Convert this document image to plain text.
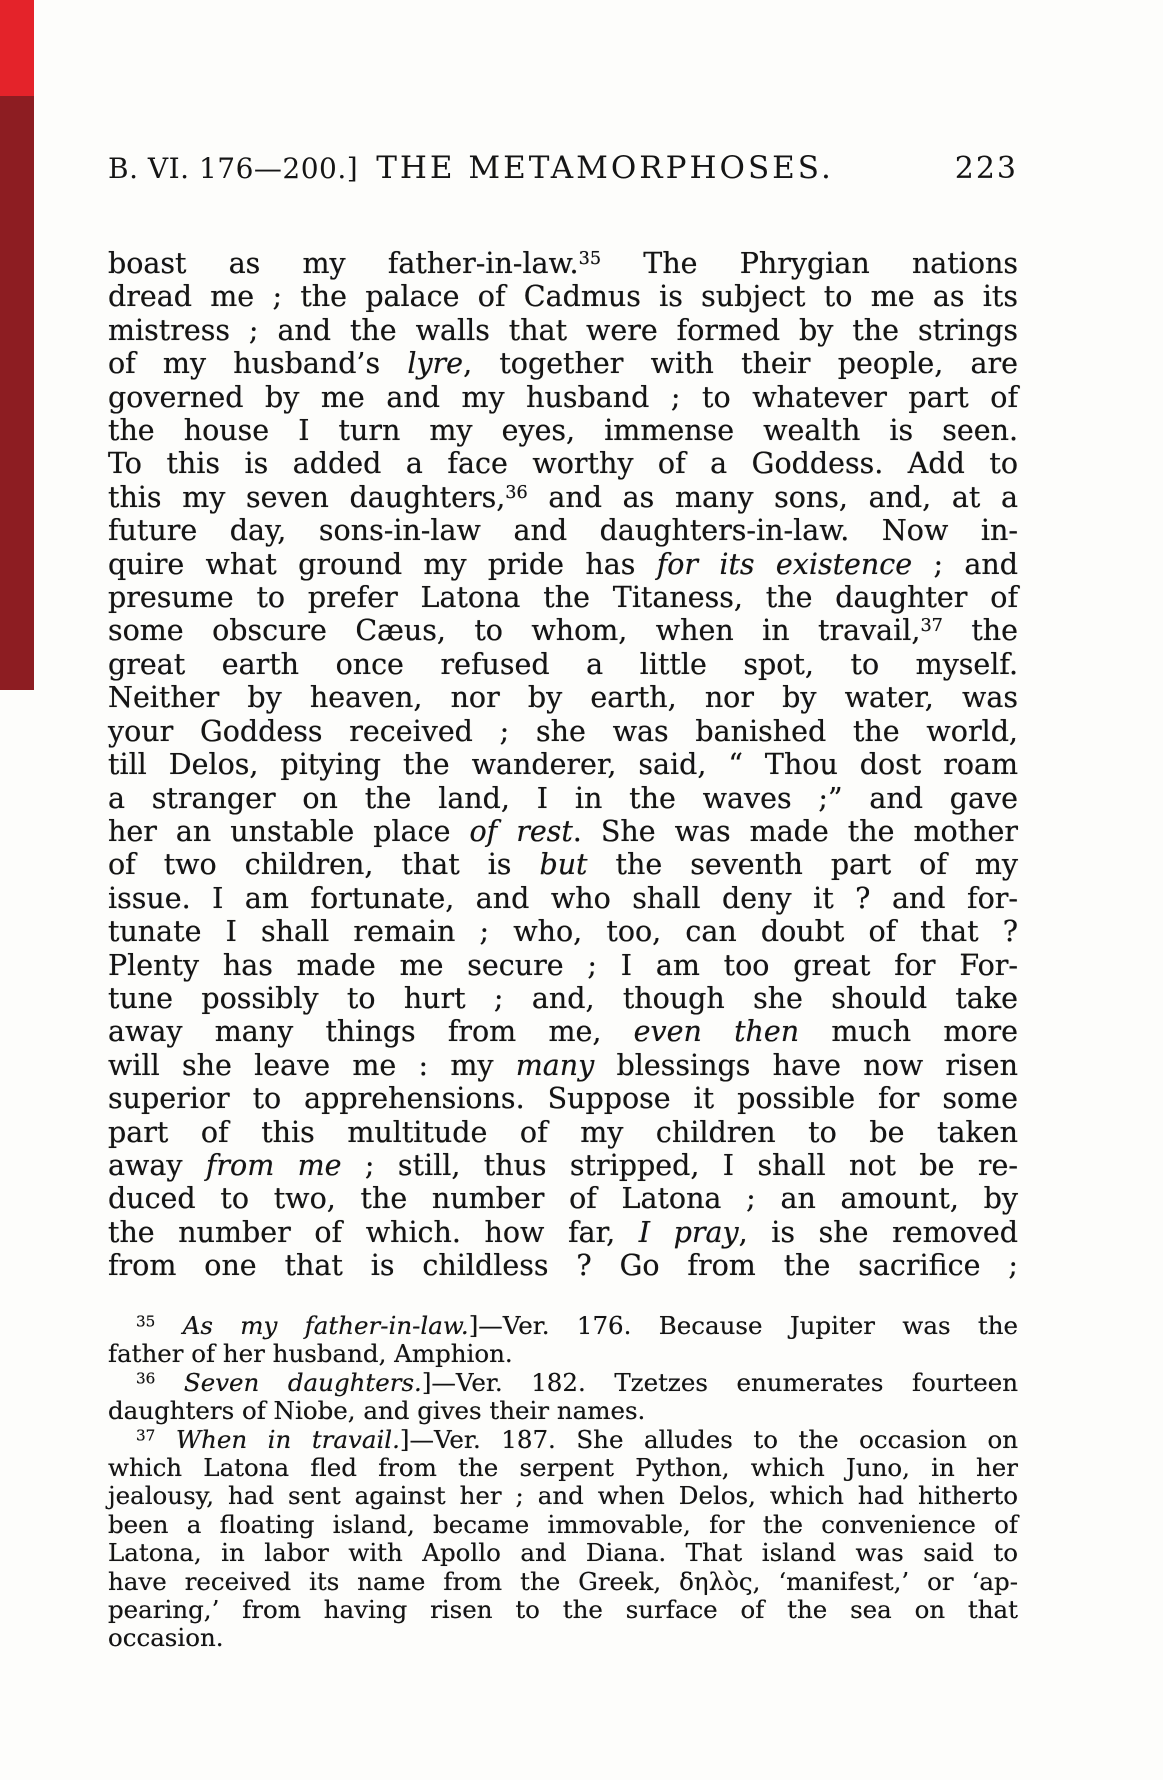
B. VI. 176—200.] THE METAMORPHOSES.	223
boast as my father-in-law.$^{35}$ The Phrygian nations
dread me ; the palace of Cadmus is subject to me as its
mistress ; and the walls that were formed by the strings
of my husband’s lyre, together with their people, are
governed by me and my husband ; to whatever part of
the house I turn my eyes, immense wealth is seen.
To this is added a face worthy of a Goddess. Add to
this my seven daughters,$^{36}$ and as many sons, and, at a
future day, sons-in-law and daughters-in-law. Now in-
quire what ground my pride has for its existence ; and
presume to prefer Latona the Titaness, the daughter of
some obscure Cæus, to whom, when in travail,$^{37}$ the
great earth once refused a little spot, to myself.
Neither by heaven, nor by earth, nor by water, was
your Goddess received ; she was banished the world,
till Delos, pitying the wanderer, said, “ Thou dost roam
a stranger on the land, I in the waves ;” and gave
her an unstable place of rest. She was made the mother
of two children, that is but the seventh part of my
issue. I am fortunate, and who shall deny it ? and for-
tunate I shall remain ; who, too, can doubt of that ?
Plenty has made me secure ; I am too great for For-
tune possibly to hurt ; and, though she should take
away many things from me, even then much more
will she leave me : my many blessings have now risen
superior to apprehensions. Suppose it possible for some
part of this multitude of my children to be taken
away from me ; still, thus stripped, I shall not be re-
duced to two, the number of Latona ; an amount, by
the number of which. how far, I pray, is she removed
from one that is childless ? Go from the sacrifice ;
$^{35}$ As my father-in-law.]—Ver. 176. Because Jupiter was the
father of her husband, Amphion.
$^{36}$ Seven daughters.]—Ver. 182. Tzetzes enumerates fourteen
daughters of Niobe, and gives their names.
$^{37}$ When in travail.]—Ver. 187. She alludes to the occasion on
which Latona fled from the serpent Python, which Juno, in her
jealousy, had sent against her ; and when Delos, which had hitherto
been a floating island, became immovable, for the convenience of
Latona, in labor with Apollo and Diana. That island was said to
have received its name from the Greek, δηλὸς, ‘manifest,’ or ‘ap-
pearing,’ from having risen to the surface of the sea on that
occasion.
